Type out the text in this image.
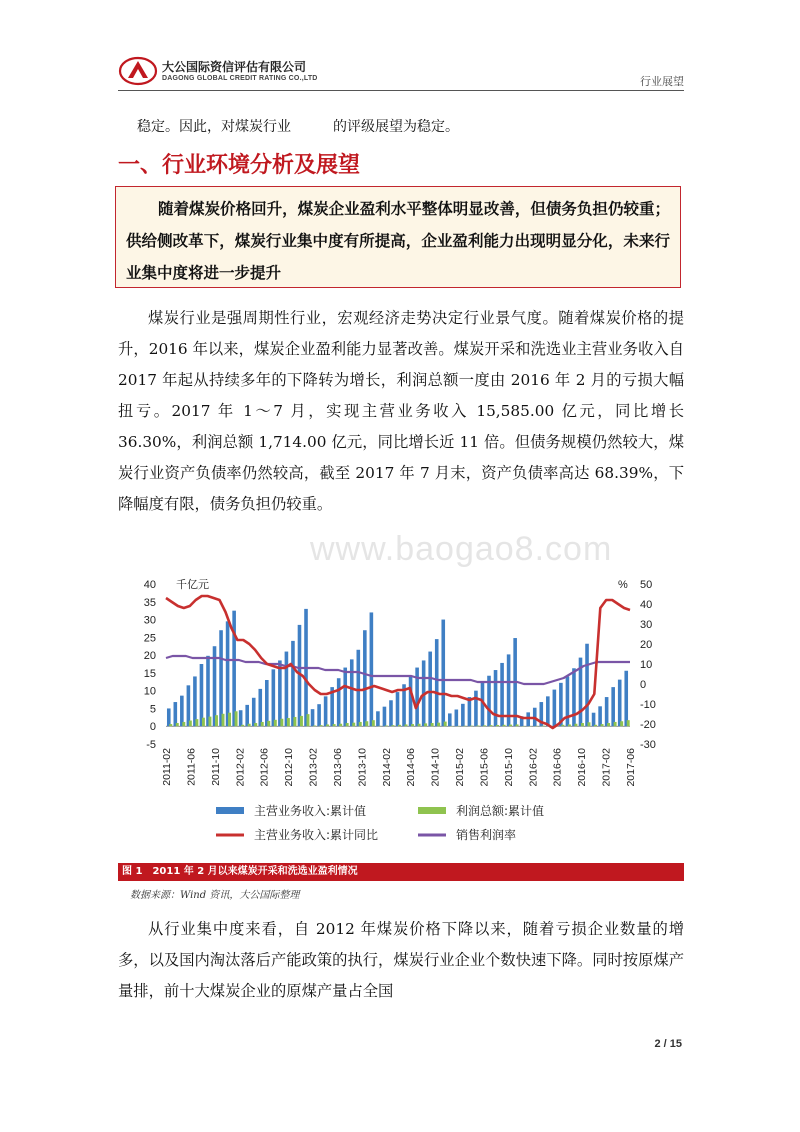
大公国际资信评估有限公司
DAGONG GLOBAL CREDIT RATING CO.,LTD	行业展望
稳定。因此，对煤炭行业　　　的评级展望为稳定。
一、行业环境分析及展望
随着煤炭价格回升，煤炭企业盈利水平整体明显改善，但债务负担仍较重；供给侧改革下，煤炭行业集中度有所提高，企业盈利能力出现明显分化，未来行业集中度将进一步提升
煤炭行业是强周期性行业，宏观经济走势决定行业景气度。随着煤炭价格的提升，2016 年以来，煤炭企业盈利能力显著改善。煤炭开采和洗选业主营业务收入自 2017 年起从持续多年的下降转为增长，利润总额一度由 2016 年 2 月的亏损大幅扭亏。2017 年 1～7 月，实现主营业务收入 15,585.00 亿元，同比增长 36.30%，利润总额 1,714.00 亿元，同比增长近 11 倍。但债务规模仍然较大，煤炭行业资产负债率仍然较高，截至 2017 年 7 月末，资产负债率高达 68.39%，下降幅度有限，债务负担仍较重。
www.baogao8.com
40
35
30
25
20
15
10
5
0
-5
50
40
30
20
10
0
-10
-20
-30
千亿元	%
2011-02 2011-06 2011-10 2012-02 2012-06 2012-10 2013-02 2013-06 2013-10 2014-02 2014-06 2014-10 2015-02 2015-06 2015-10 2016-02 2016-06 2016-10 2017-02 2017-06
主营业务收入:累计值	利润总额:累计值
主营业务收入:累计同比	销售利润率
图 1　2011 年 2 月以来煤炭开采和洗选业盈利情况
数据来源：Wind 资讯，大公国际整理
从行业集中度来看，自 2012 年煤炭价格下降以来，随着亏损企业数量的增多，以及国内淘汰落后产能政策的执行，煤炭行业企业个数快速下降。同时按原煤产量排，前十大煤炭企业的原煤产量占全国
2 / 15
